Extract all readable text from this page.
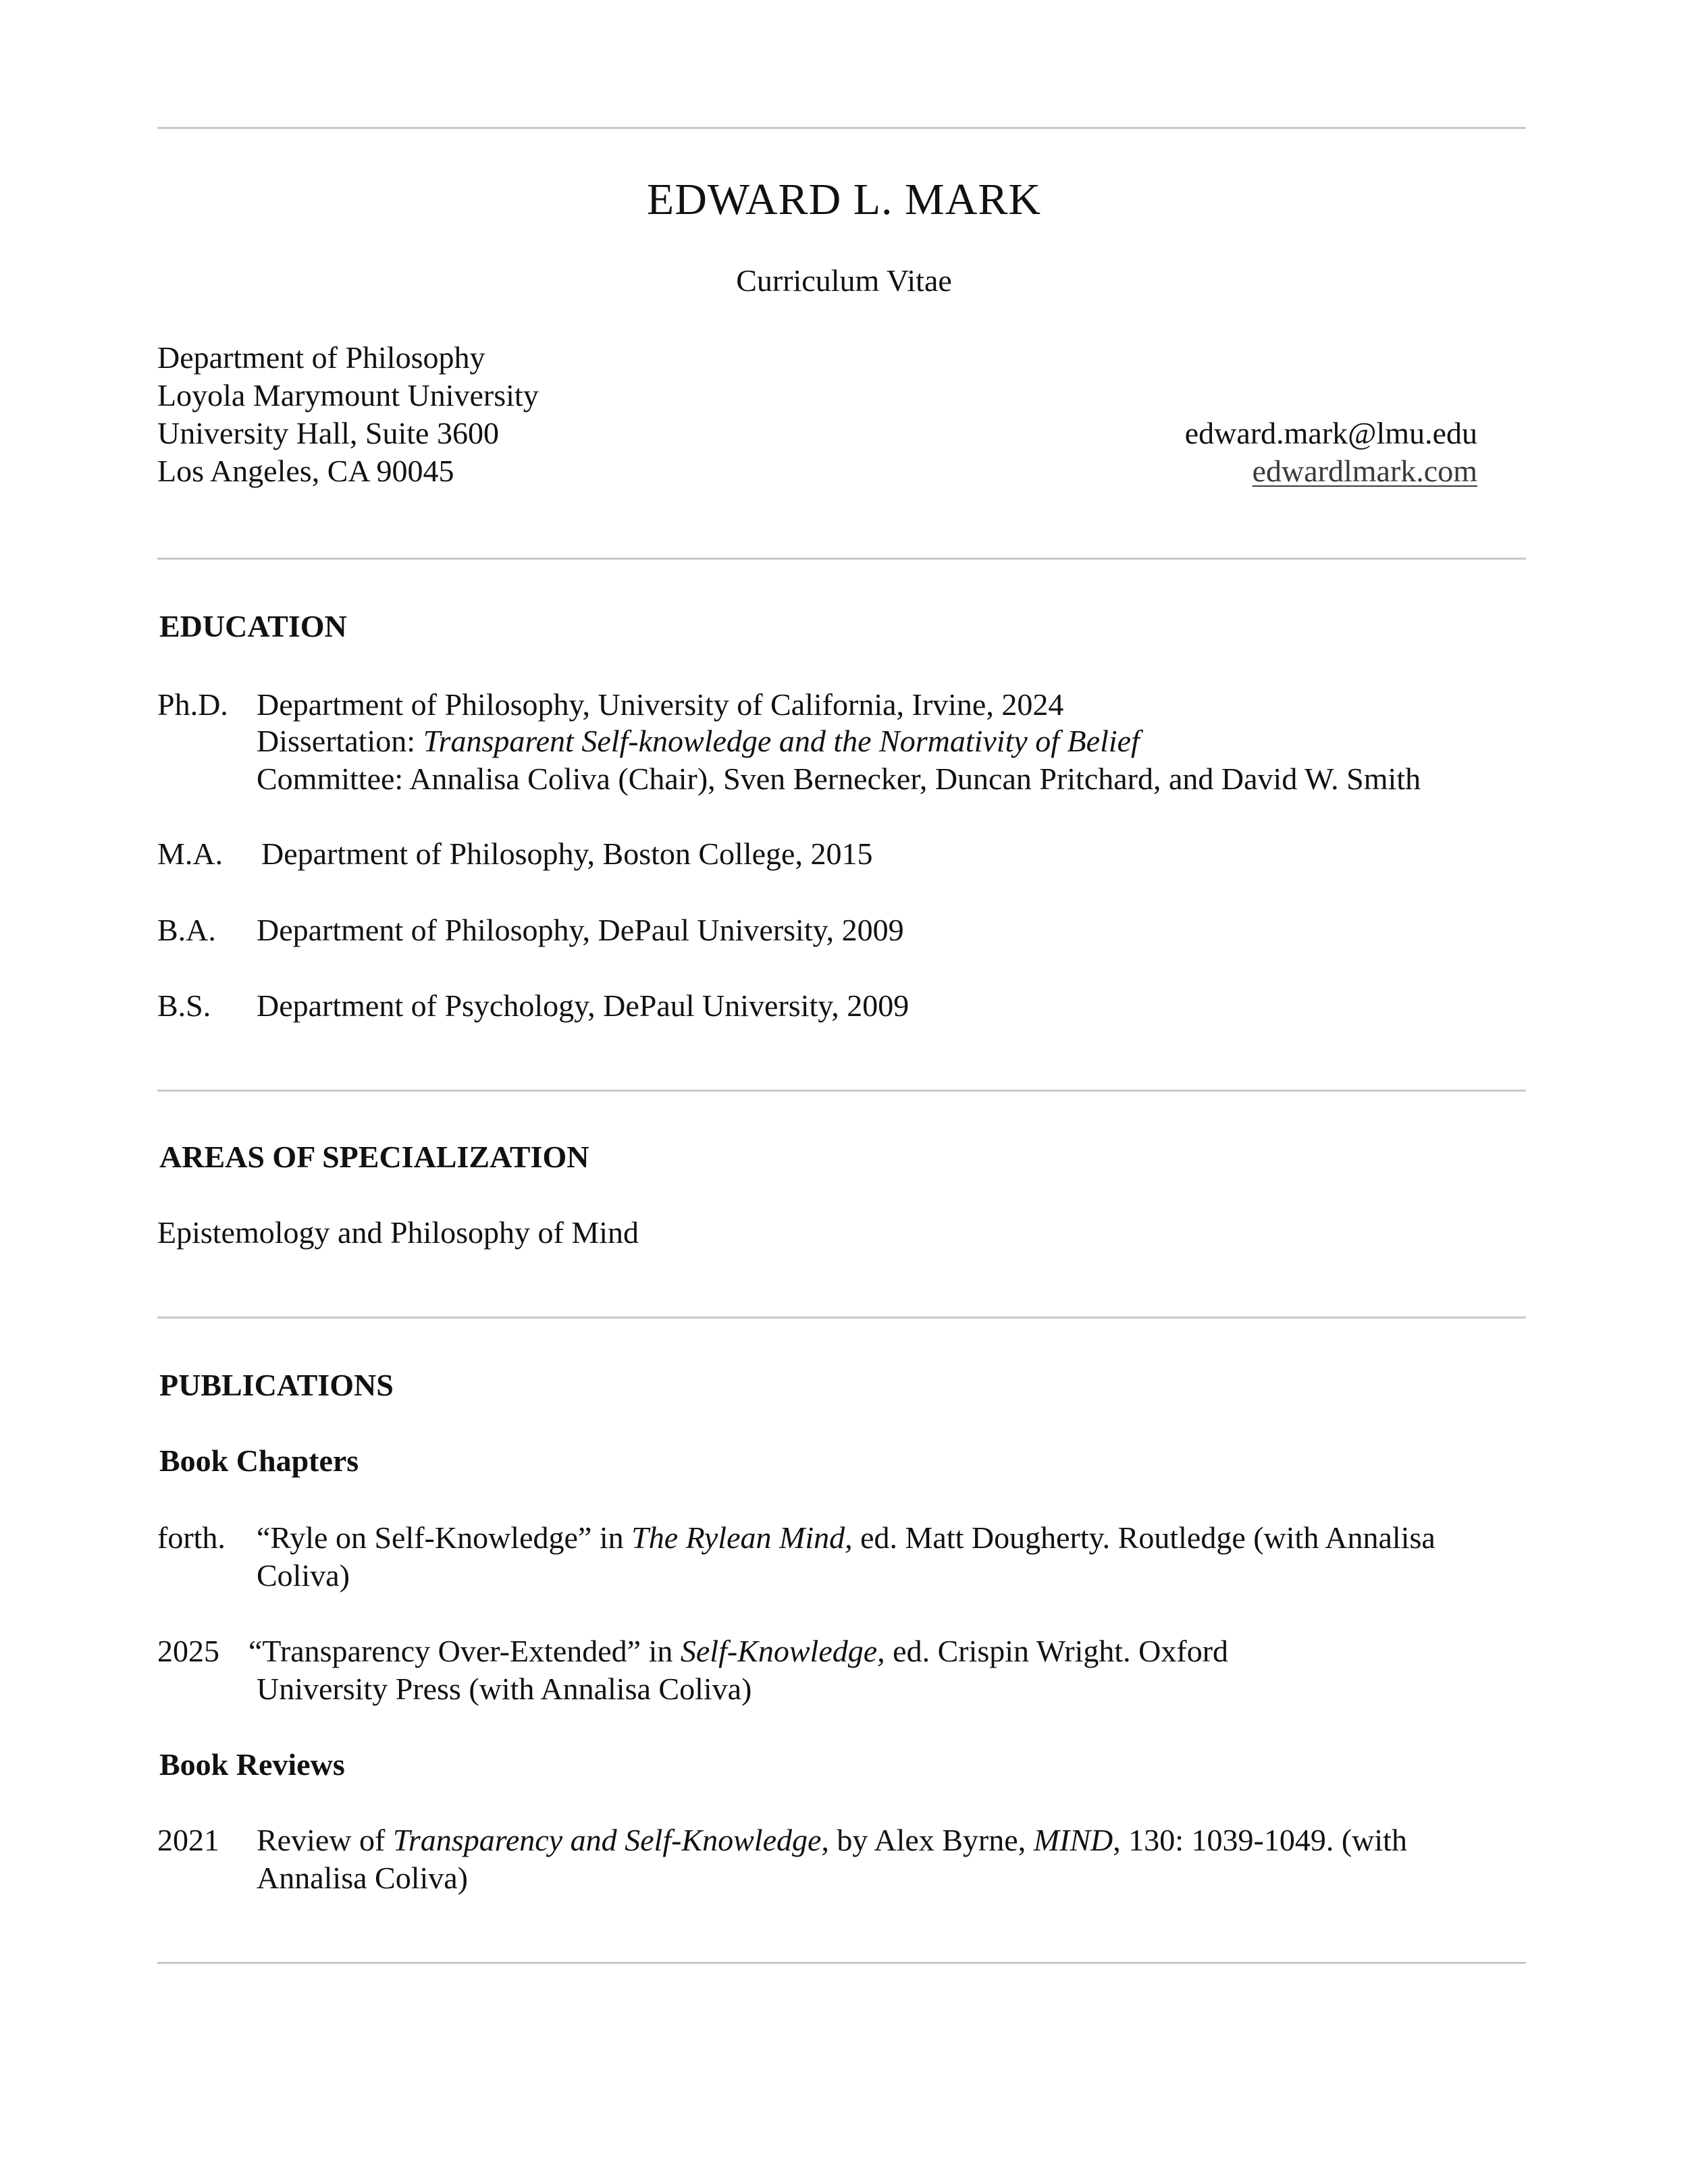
EDWARD L. MARK
Curriculum Vitae
Department of Philosophy
Loyola Marymount University
University Hall, Suite 3600
Los Angeles, CA 90045
edward.mark@lmu.edu
edwardlmark.com
EDUCATION
Ph.D. Department of Philosophy, University of California, Irvine, 2024
Dissertation: Transparent Self-knowledge and the Normativity of Belief
Committee: Annalisa Coliva (Chair), Sven Bernecker, Duncan Pritchard, and David W. Smith
M.A. Department of Philosophy, Boston College, 2015
B.A. Department of Philosophy, DePaul University, 2009
B.S. Department of Psychology, DePaul University, 2009
AREAS OF SPECIALIZATION
Epistemology and Philosophy of Mind
PUBLICATIONS
Book Chapters
forth. “Ryle on Self-Knowledge” in The Rylean Mind, ed. Matt Dougherty. Routledge (with Annalisa
Coliva)
2025 “Transparency Over-Extended” in Self-Knowledge, ed. Crispin Wright. Oxford
University Press (with Annalisa Coliva)
Book Reviews
2021 Review of Transparency and Self-Knowledge, by Alex Byrne, MIND, 130: 1039-1049. (with
Annalisa Coliva)
